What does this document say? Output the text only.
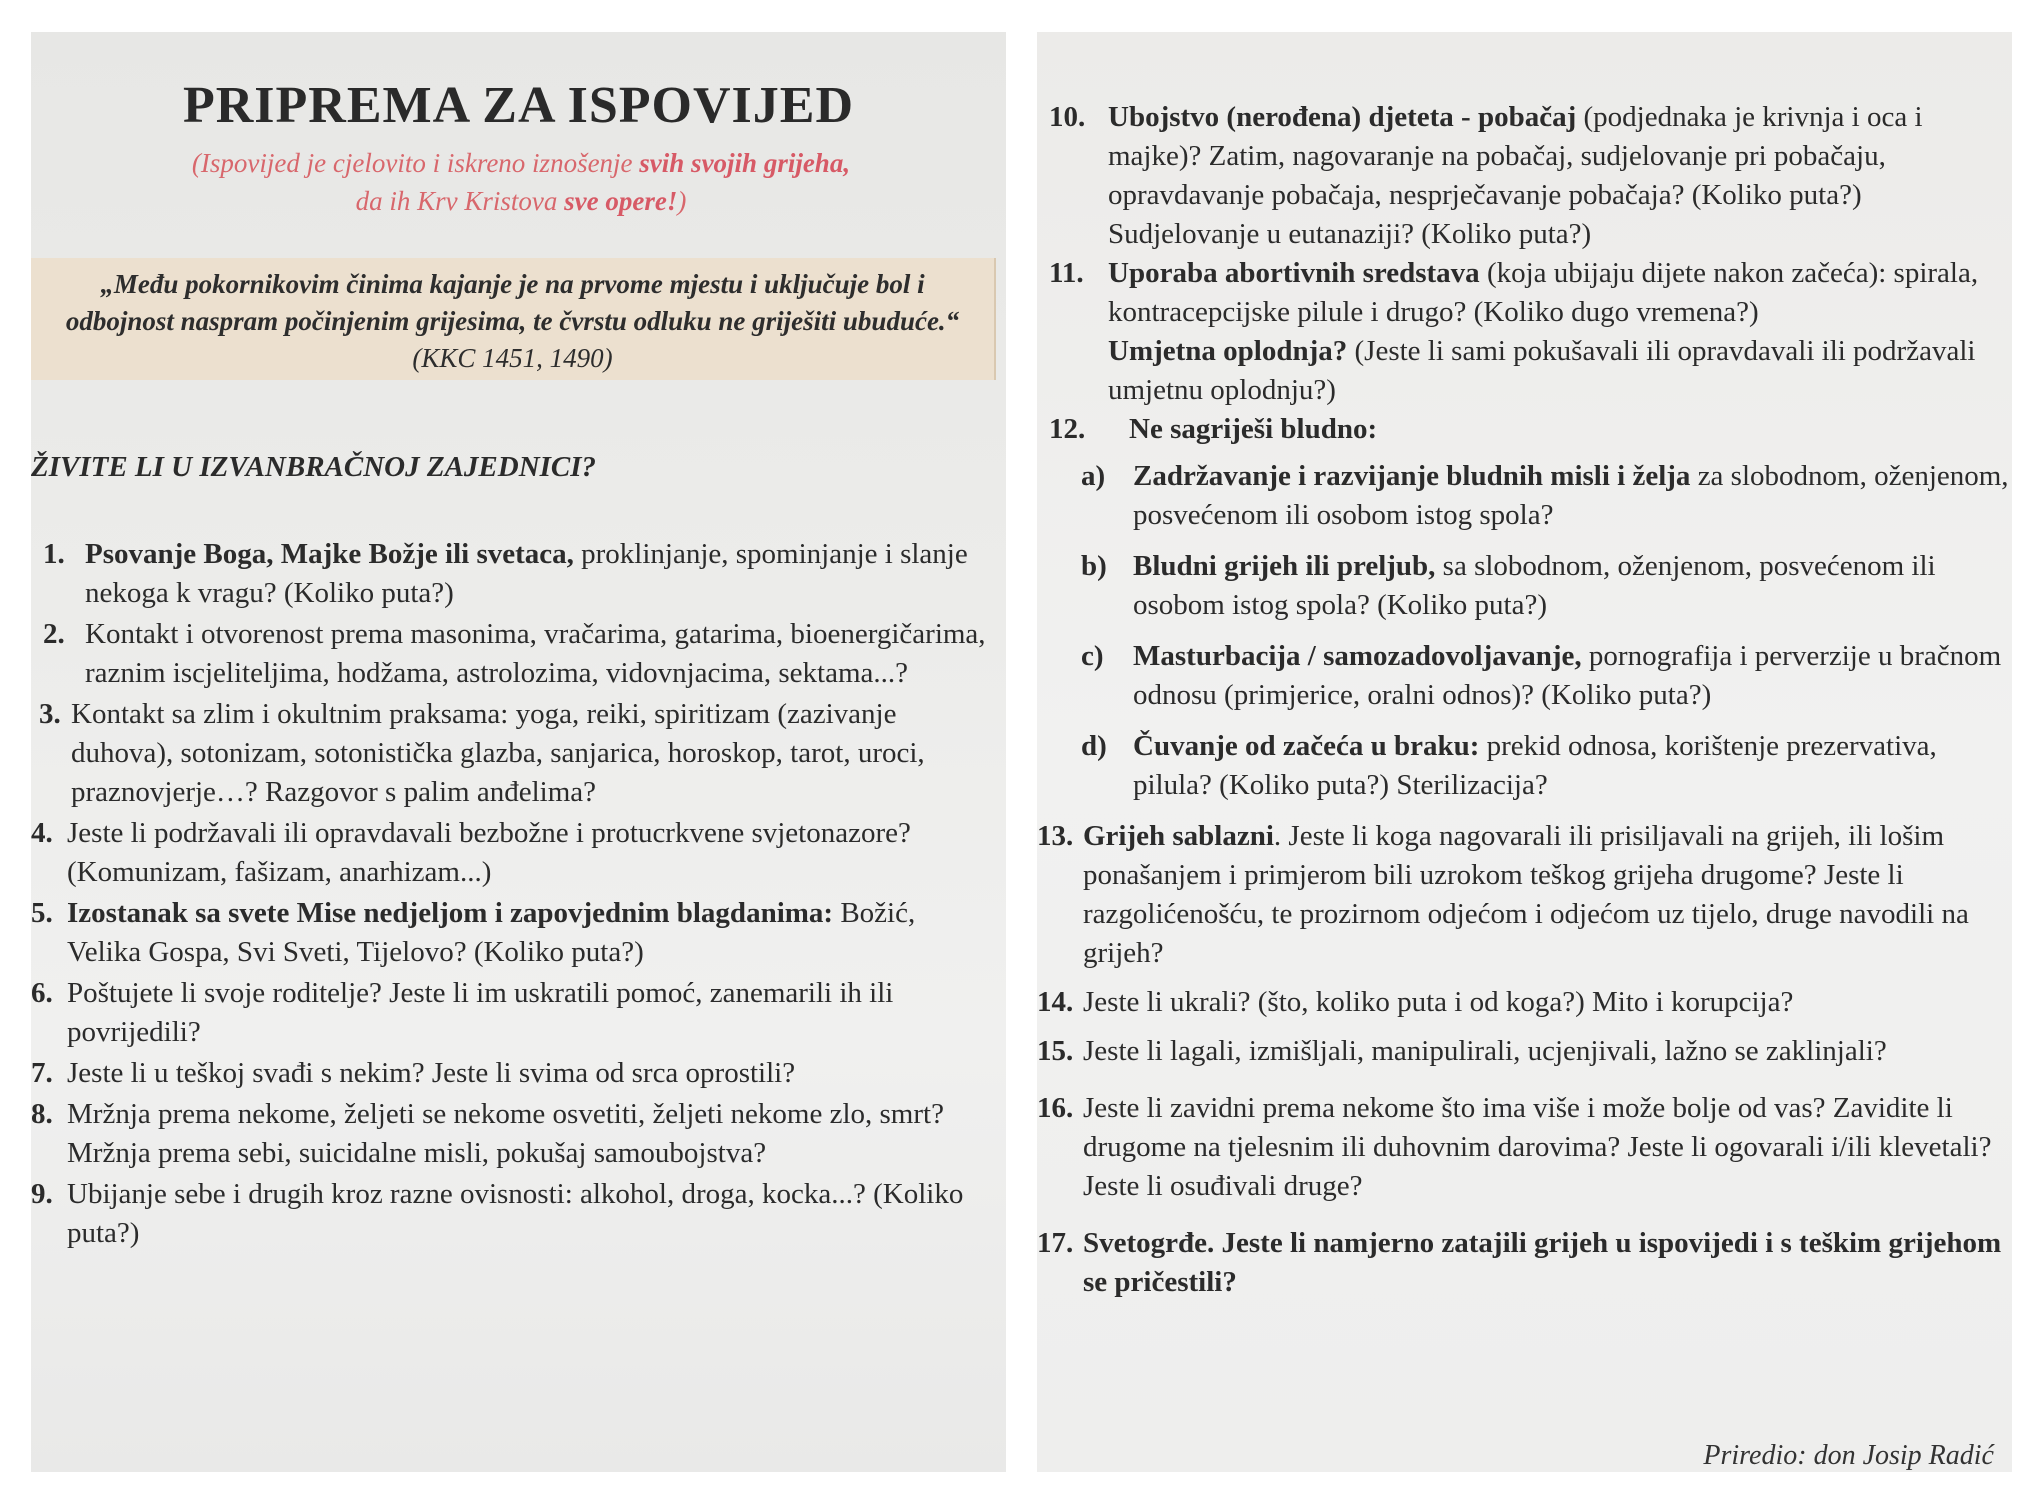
PRIPREMA ZA ISPOVIJED

(Ispovijed je cjelovito i iskreno iznošenje svih svojih grijeha,
da ih Krv Kristova sve opere!)

„Među pokornikovim činima kajanje je na prvome mjestu i uključuje bol i odbojnost naspram počinjenim grijesima, te čvrstu odluku ne griješiti ubuduće.“ (KKC 1451, 1490)

ŽIVITE LI U IZVANBRAČNOJ ZAJEDNICI?
1. Psovanje Boga, Majke Božje ili svetaca, proklinjanje, spominjanje i slanje nekoga k vragu? (Koliko puta?)
2. Kontakt i otvorenost prema masonima, vračarima, gatarima, bioenergičarima, raznim iscjeliteljima, hodžama, astrolozima, vidovnjacima, sektama...?
3. Kontakt sa zlim i okultnim praksama: yoga, reiki, spiritizam (zazivanje duhova), sotonizam, sotonistička glazba, sanjarica, horoskop, tarot, uroci, praznovjerje…? Razgovor s palim anđelima?
4. Jeste li podržavali ili opravdavali bezbožne i protucrkvene svjetonazore? (Komunizam, fašizam, anarhizam...)
5. Izostanak sa svete Mise nedjeljom i zapovjednim blagdanima: Božić, Velika Gospa, Svi Sveti, Tijelovo? (Koliko puta?)
6. Poštujete li svoje roditelje? Jeste li im uskratili pomoć, zanemarili ih ili povrijedili?
7. Jeste li u teškoj svađi s nekim? Jeste li svima od srca oprostili?
8. Mržnja prema nekome, željeti se nekome osvetiti, željeti nekome zlo, smrt? Mržnja prema sebi, suicidalne misli, pokušaj samoubojstva?
9. Ubijanje sebe i drugih kroz razne ovisnosti: alkohol, droga, kocka...? (Koliko puta?)
10. Ubojstvo (nerođena) djeteta - pobačaj (podjednaka je krivnja i oca i majke)? Zatim, nagovaranje na pobačaj, sudjelovanje pri pobačaju, opravdavanje pobačaja, nesprječavanje pobačaja? (Koliko puta?) Sudjelovanje u eutanaziji? (Koliko puta?)
11. Uporaba abortivnih sredstava (koja ubijaju dijete nakon začeća): spirala, kontracepcijske pilule i drugo? (Koliko dugo vremena?)
Umjetna oplodnja? (Jeste li sami pokušavali ili opravdavali ili podržavali umjetnu oplodnju?)
12. Ne sagriješi bludno:
a) Zadržavanje i razvijanje bludnih misli i želja za slobodnom, oženjenom, posvećenom ili osobom istog spola?
b) Bludni grijeh ili preljub, sa slobodnom, oženjenom, posvećenom ili osobom istog spola? (Koliko puta?)
c) Masturbacija / samozadovoljavanje, pornografija i perverzije u bračnom odnosu (primjerice, oralni odnos)? (Koliko puta?)
d) Čuvanje od začeća u braku: prekid odnosa, korištenje prezervativa, pilula? (Koliko puta?) Sterilizacija?
13. Grijeh sablazni. Jeste li koga nagovarali ili prisiljavali na grijeh, ili lošim ponašanjem i primjerom bili uzrokom teškog grijeha drugome? Jeste li razgolićenošću, te prozirnom odjećom i odjećom uz tijelo, druge navodili na grijeh?
14. Jeste li ukrali? (što, koliko puta i od koga?) Mito i korupcija?
15. Jeste li lagali, izmišljali, manipulirali, ucjenjivali, lažno se zaklinjali?
16. Jeste li zavidni prema nekome što ima više i može bolje od vas? Zavidite li drugome na tjelesnim ili duhovnim darovima? Jeste li ogovarali i/ili klevetali? Jeste li osuđivali druge?
17. Svetogrđe. Jeste li namjerno zatajili grijeh u ispovijedi i s teškim grijehom se pričestili?

Priredio: don Josip Radić
